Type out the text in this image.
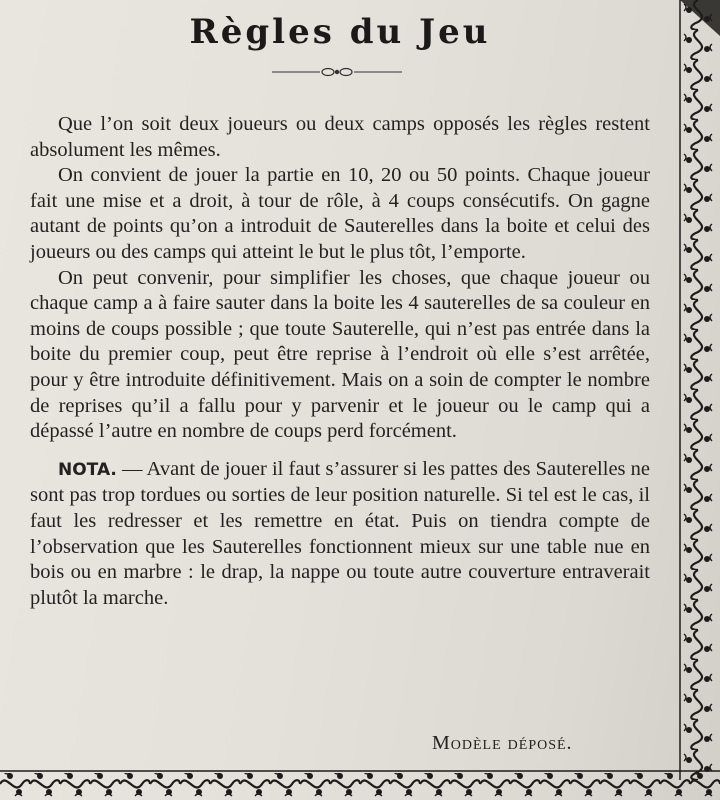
Règles du Jeu

Que l’on soit deux joueurs ou deux camps opposés les règles restent absolument les mêmes.

On convient de jouer la partie en 10, 20 ou 50 points. Chaque joueur fait une mise et a droit, à tour de rôle, à 4 coups consécutifs. On gagne autant de points qu’on a introduit de Sauterelles dans la boite et celui des joueurs ou des camps qui atteint le but le plus tôt, l’emporte.

On peut convenir, pour simplifier les choses, que chaque joueur ou chaque camp a à faire sauter dans la boite les 4 sauterelles de sa couleur en moins de coups possible ; que toute Sauterelle, qui n’est pas entrée dans la boite du premier coup, peut être reprise à l’endroit où elle s’est arrêtée, pour y être introduite définitivement. Mais on a soin de compter le nombre de reprises qu’il a fallu pour y parvenir et le joueur ou le camp qui a dépassé l’autre en nombre de coups perd forcément.

NOTA. — Avant de jouer il faut s’assurer si les pattes des Sauterelles ne sont pas trop tordues ou sorties de leur position naturelle. Si tel est le cas, il faut les redresser et les remettre en état. Puis on tiendra compte de l’observation que les Sauterelles fonctionnent mieux sur une table nue en bois ou en marbre : le drap, la nappe ou toute autre couverture entraverait plutôt la marche.

Modèle déposé.
